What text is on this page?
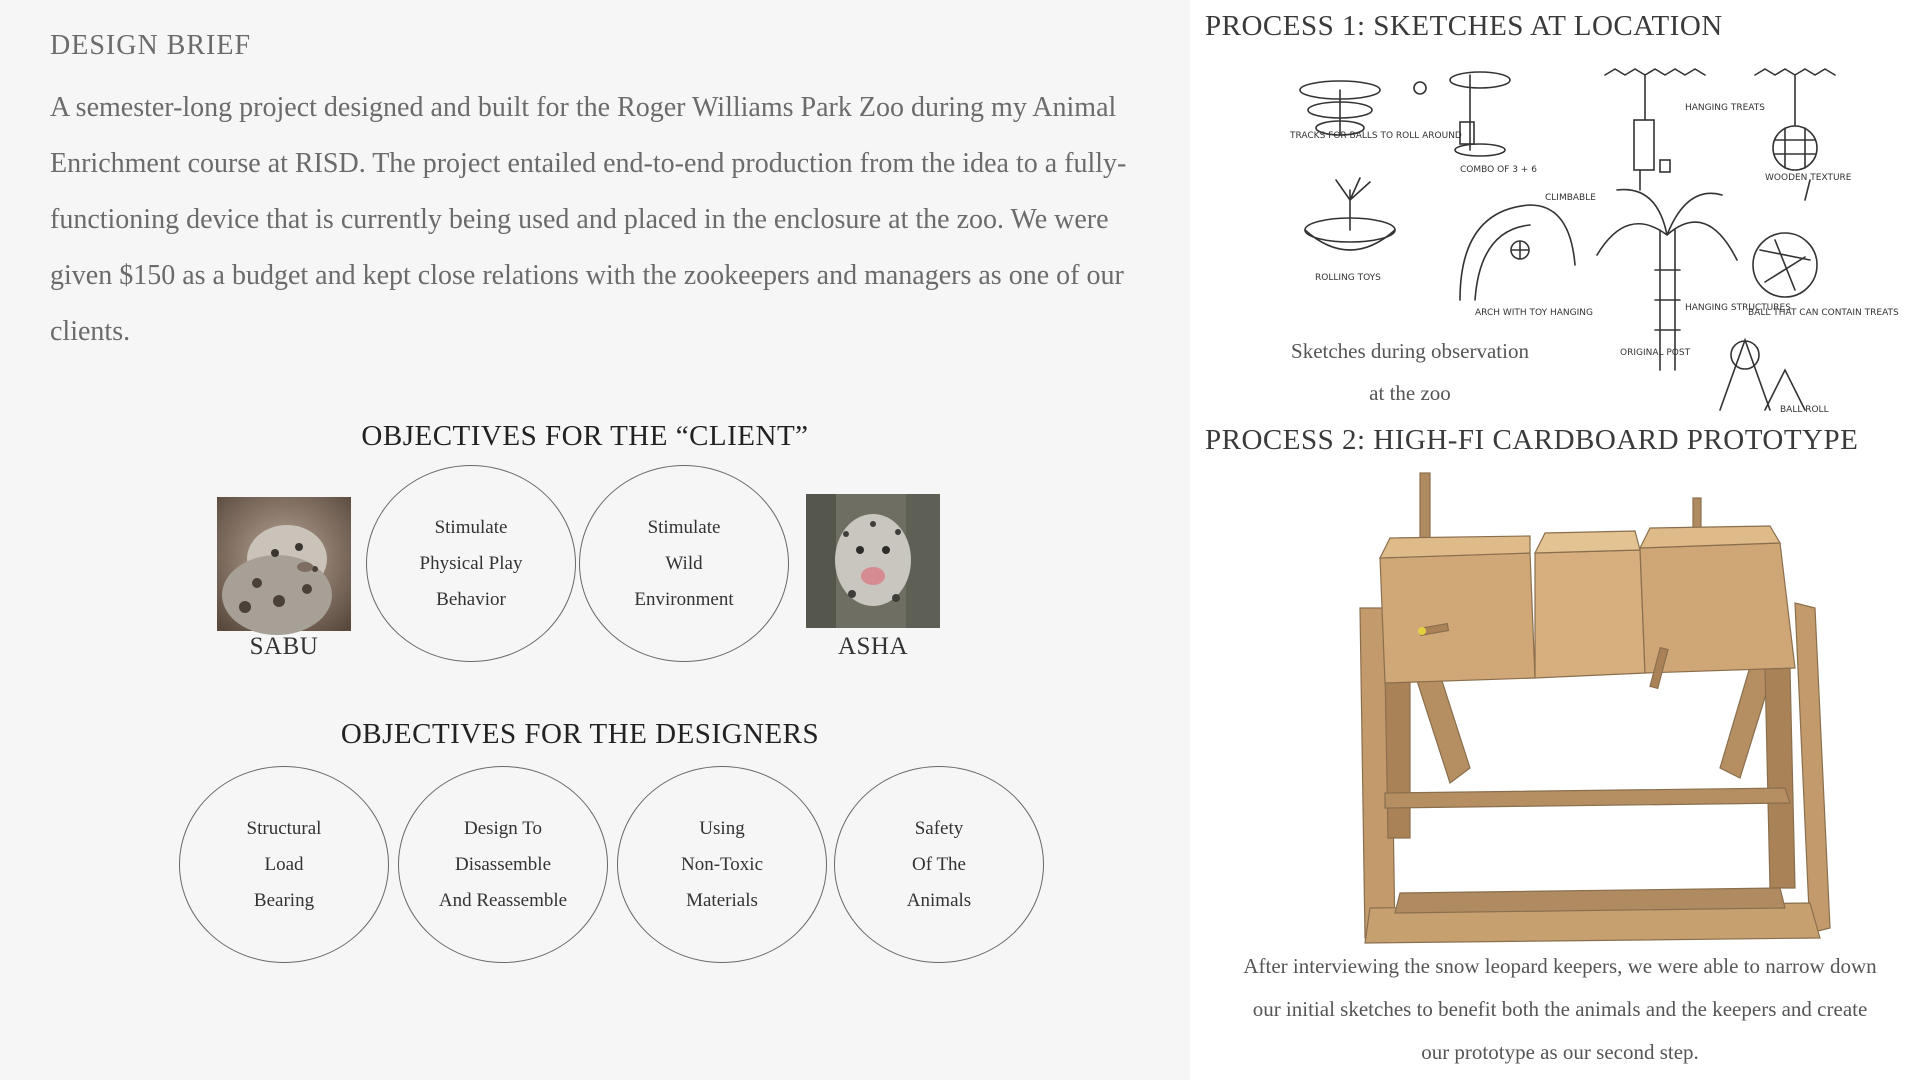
DESIGN BRIEF
A semester-long project designed and built for the Roger Williams Park Zoo during my Animal Enrichment course at RISD. The project entailed end-to-end production from the idea to a fully-functioning device that is currently being used and placed in the enclosure at the zoo. We were given $150 as a budget and kept close relations with the zookeepers and managers as one of our clients.
OBJECTIVES FOR THE “CLIENT”
SABU
Stimulate
Physical Play
Behavior
Stimulate
Wild
Environment
ASHA
OBJECTIVES FOR THE DESIGNERS
Structural
Load
Bearing
Design To
Disassemble
And Reassemble
Using
Non-Toxic
Materials
Safety
Of The
Animals
PROCESS 1: SKETCHES AT LOCATION
TRACKS FOR BALLS TO ROLL AROUND
COMBO OF 3 + 6
HANGING TREATS
WOODEN TEXTURE
CLIMBABLE
ARCH WITH TOY HANGING
ROLLING TOYS
HANGING STRUCTURES
ORIGINAL POST
BALL THAT CAN CONTAIN TREATS
BALL ROLL
Sketches during observation
at the zoo
PROCESS 2: HIGH-FI CARDBOARD PROTOTYPE
After interviewing the snow leopard keepers, we were able to narrow down
our initial sketches to benefit both the animals and the keepers and create
our prototype as our second step.
